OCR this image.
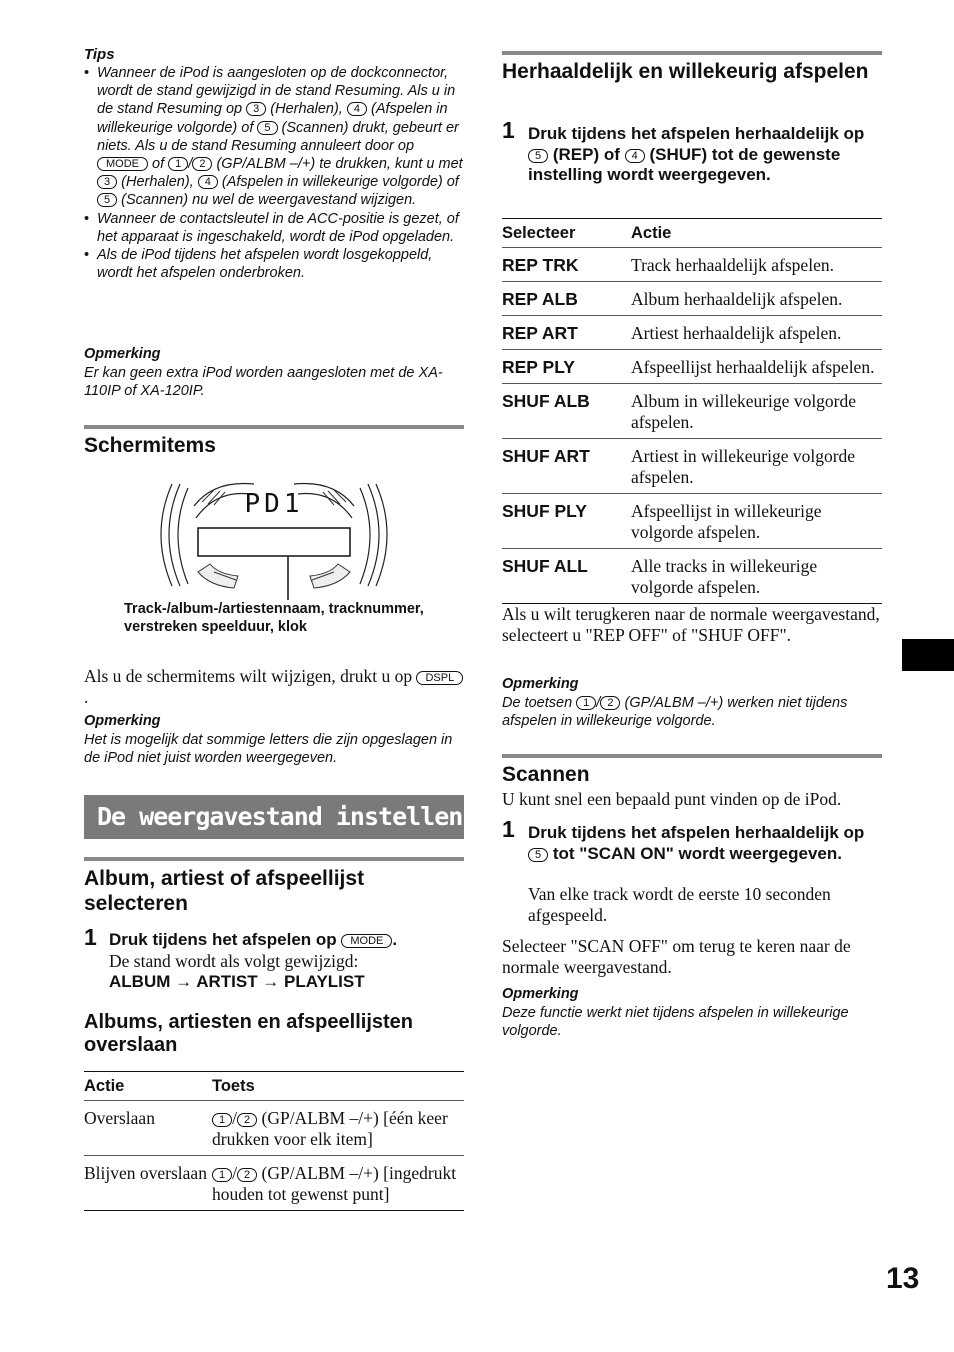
Tips
• Wanneer de iPod is aangesloten op de dockconnector, wordt de stand gewijzigd in de stand Resuming. Als u in de stand Resuming op 3 (Herhalen), 4 (Afspelen in willekeurige volgorde) of 5 (Scannen) drukt, gebeurt er niets. Als u de stand Resuming annuleert door op MODE of 1 / 2 (GP/ALBM –/+) te drukken, kunt u met 3 (Herhalen), 4 (Afspelen in willekeurige volgorde) of 5 (Scannen) nu wel de weergavestand wijzigen.
• Wanneer de contactsleutel in de ACC-positie is gezet, of het apparaat is ingeschakeld, wordt de iPod opgeladen.
• Als de iPod tijdens het afspelen wordt losgekoppeld, wordt het afspelen onderbroken.
Opmerking
Er kan geen extra iPod worden aangesloten met de XA-110IP of XA-120IP.
Schermitems
PD1
Track-/album-/artiestennaam, tracknummer, verstreken speelduur, klok
Als u de schermitems wilt wijzigen, drukt u op DSPL.
Opmerking
Het is mogelijk dat sommige letters die zijn opgeslagen in de iPod niet juist worden weergegeven.
De weergavestand instellen
Album, artiest of afspeellijst selecteren
1 Druk tijdens het afspelen op MODE .
De stand wordt als volgt gewijzigd:
ALBUM → ARTIST → PLAYLIST
Albums, artiesten en afspeellijsten overslaan
Actie	Toets
Overslaan	1 / 2 (GP/ALBM –/+) [één keer drukken voor elk item]
Blijven overslaan	1 / 2 (GP/ALBM –/+) [ingedrukt houden tot gewenst punt]
Herhaaldelijk en willekeurig afspelen
1 Druk tijdens het afspelen herhaaldelijk op 5 (REP) of 4 (SHUF) tot de gewenste instelling wordt weergegeven.
Selecteer	Actie
REP TRK	Track herhaaldelijk afspelen.
REP ALB	Album herhaaldelijk afspelen.
REP ART	Artiest herhaaldelijk afspelen.
REP PLY	Afspeellijst herhaaldelijk afspelen.
SHUF ALB	Album in willekeurige volgorde afspelen.
SHUF ART	Artiest in willekeurige volgorde afspelen.
SHUF PLY	Afspeellijst in willekeurige volgorde afspelen.
SHUF ALL	Alle tracks in willekeurige volgorde afspelen.
Als u wilt terugkeren naar de normale weergavestand, selecteert u "REP OFF" of "SHUF OFF".
Opmerking
De toetsen 1 / 2 (GP/ALBM –/+) werken niet tijdens afspelen in willekeurige volgorde.
Scannen
U kunt snel een bepaald punt vinden op de iPod.
1 Druk tijdens het afspelen herhaaldelijk op 5 tot "SCAN ON" wordt weergegeven.
Van elke track wordt de eerste 10 seconden afgespeeld.
Selecteer "SCAN OFF" om terug te keren naar de normale weergavestand.
Opmerking
Deze functie werkt niet tijdens afspelen in willekeurige volgorde.
13
